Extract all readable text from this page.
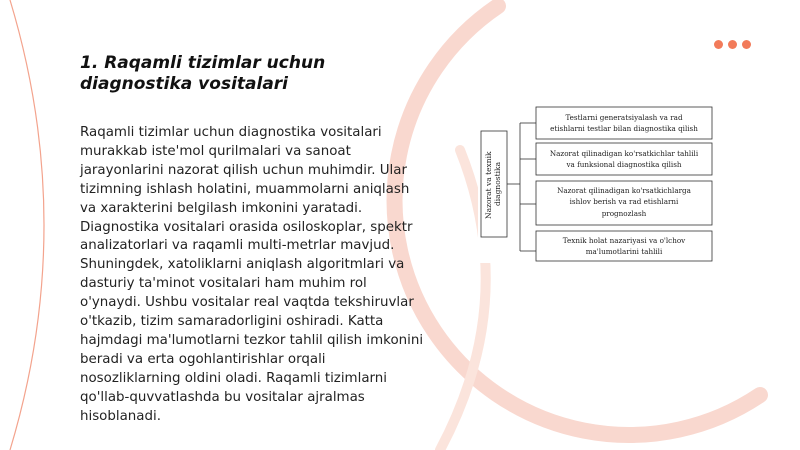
1. Raqamli tizimlar uchun diagnostika vositalari

Raqamli tizimlar uchun diagnostika vositalari murakkab iste'mol qurilmalari va sanoat jarayonlarini nazorat qilish uchun muhimdir. Ular tizimning ishlash holatini, muammolarni aniqlash va xarakterini belgilash imkonini yaratadi. Diagnostika vositalari orasida osiloskoplar, spektr analizatorlari va raqamli multi-metrlar mavjud. Shuningdek, xatoliklarni aniqlash algoritmlari va dasturiy ta'minot vositalari ham muhim rol o'ynaydi. Ushbu vositalar real vaqtda tekshiruvlar o'tkazib, tizim samaradorligini oshiradi. Katta hajmdagi ma'lumotlarni tezkor tahlil qilish imkonini beradi va erta ogohlantirishlar orqali nosozliklarning oldini oladi. Raqamli tizimlarni qo'llab-quvvatlashda bu vositalar ajralmas hisoblanadi.

Nazorat va texnik diagnostika
Testlarni generatsiyalash va rad
etishlarni testlar bilan diagnostika qilish
Nazorat qilinadigan ko'rsatkichlar tahlili
va funksional diagnostika qilish
Nazorat qilinadigan ko'rsatkichlarga
ishlov berish va rad etishlarni
prognozlash
Texnik holat nazariyasi va o'lchov
ma'lumotlarini tahlili
